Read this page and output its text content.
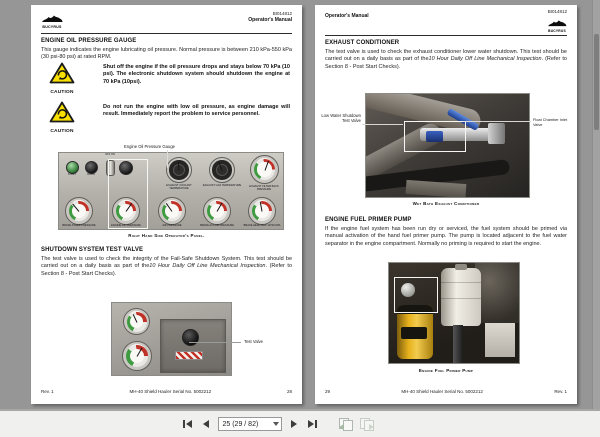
BUCYRUS
BI014812
Operator's Manual
ENGINE OIL PRESSURE GAUGE
This gauge indicates the engine lubricating oil pressure. Normal pressure is between 210 kPa-550 kPa (30 psi-80 psi) at rated RPM.
CAUTION
Shut off the engine if the oil pressure drops and stays below 70 kPa (10 psi). The electronic shutdown system should shutdown the engine at 70 kPa (10psi).
CAUTION
Do not run the engine with low oil pressure, as engine damage will result. Immediately report the problem to service personnel.
Engine Oil Pressure Gauge
OFF ON
START	HORN
EXHAUST COOLANT TEMPERATURE
EXHAUST GAS TEMPERATURE	EXHAUST FILTER BACK PRESSURE
BRAKE STEER PRESSURE	ENGINE OIL PRESSURE	AIR PRESSURE	BRAKE ACCUM PRESSURE	BRAKE HEAD MAX 13700 KPA
Right Hand Side Operator's Panel.
SHUTDOWN SYSTEM TEST VALVE
The test valve is used to check the integrity of the Fail-Safe Shutdown System. This test should be carried out on a daily basis as part of the10 Hour Daily Off Line Mechanical Inspection. (Refer to Section 8 - Post Start Checks).
Test Valve
Rev. 1	MH-40 Shield Hauler Serial No. 5002212	28
Operator's Manual
BI014812
BUCYRUS
EXHAUST CONDITIONER
The test valve is used to check the exhaust conditioner lower water shutdown. This test should be carried out on a daily basis as part of the10 Hour Daily Off Line Mechanical Inspection. (Refer to Section 8 - Post Start Checks).
Low Water Shutdown Test Valve	Float Chamber Inlet Valve
Wet Bath Exhaust Conditioner
ENGINE FUEL PRIMER PUMP
If the engine fuel system has been run dry or serviced, the fuel system should be primed via manual activation of the hand fuel primer pump. The pump is located adjacent to the fuel water separator in the engine compartment. Normally no priming is required to start the engine.
Engine Fuel Primer Pump
29	MH-40 Shield Hauler Serial No. 5002212	Rev. 1
25 (29 / 82)
